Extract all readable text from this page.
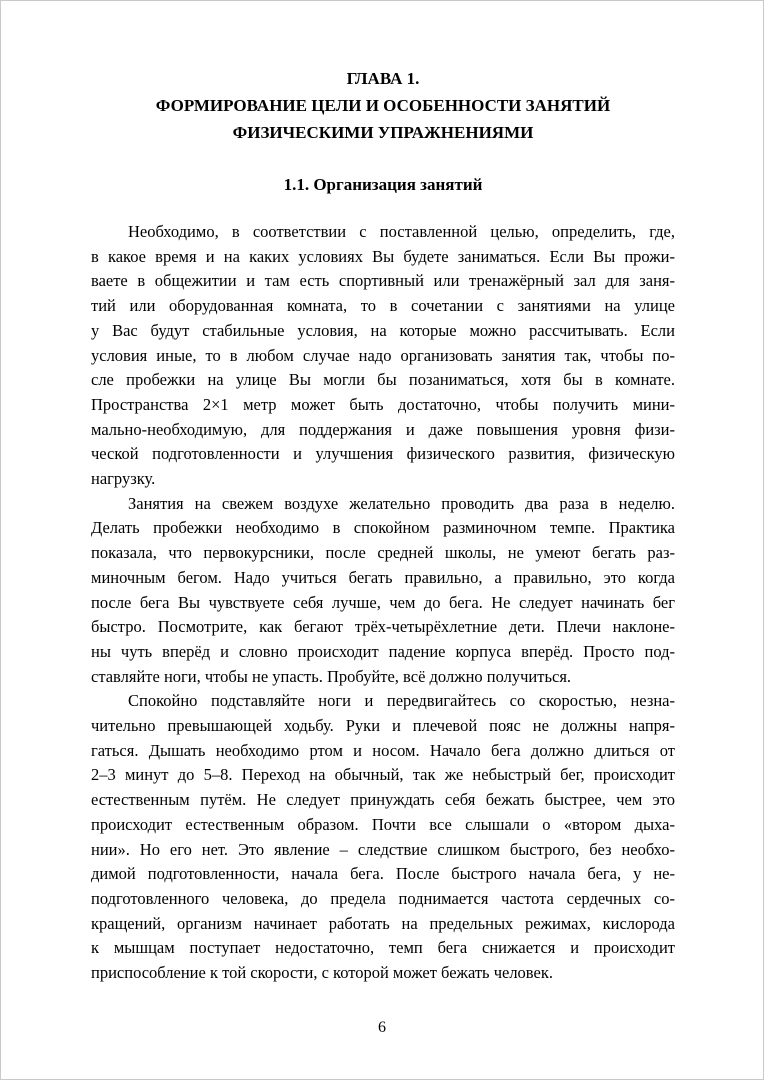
ГЛАВА 1.
ФОРМИРОВАНИЕ ЦЕЛИ И ОСОБЕННОСТИ ЗАНЯТИЙ
ФИЗИЧЕСКИМИ УПРАЖНЕНИЯМИ
1.1. Организация занятий

Необходимо, в соответствии с поставленной целью, определить, где,
в какое время и на каких условиях Вы будете заниматься. Если Вы прожи-
ваете в общежитии и там есть спортивный или тренажёрный зал для заня-
тий или оборудованная комната, то в сочетании с занятиями на улице
у Вас будут стабильные условия, на которые можно рассчитывать. Если
условия иные, то в любом случае надо организовать занятия так, чтобы по-
сле пробежки на улице Вы могли бы позаниматься, хотя бы в комнате.
Пространства 2×1 метр может быть достаточно, чтобы получить мини-
мально-необходимую, для поддержания и даже повышения уровня физи-
ческой подготовленности и улучшения физического развития, физическую
нагрузку.

Занятия на свежем воздухе желательно проводить два раза в неделю.
Делать пробежки необходимо в спокойном разминочном темпе. Практика
показала, что первокурсники, после средней школы, не умеют бегать раз-
миночным бегом. Надо учиться бегать правильно, а правильно, это когда
после бега Вы чувствуете себя лучше, чем до бега. Не следует начинать бег
быстро. Посмотрите, как бегают трёх-четырёхлетние дети. Плечи наклоне-
ны чуть вперёд и словно происходит падение корпуса вперёд. Просто под-
ставляйте ноги, чтобы не упасть. Пробуйте, всё должно получиться.

Спокойно подставляйте ноги и передвигайтесь со скоростью, незна-
чительно превышающей ходьбу. Руки и плечевой пояс не должны напря-
гаться. Дышать необходимо ртом и носом. Начало бега должно длиться от
2–3 минут до 5–8. Переход на обычный, так же небыстрый бег, происходит
естественным путём. Не следует принуждать себя бежать быстрее, чем это
происходит естественным образом. Почти все слышали о «втором дыха-
нии». Но его нет. Это явление – следствие слишком быстрого, без необхо-
димой подготовленности, начала бега. После быстрого начала бега, у не-
подготовленного человека, до предела поднимается частота сердечных со-
кращений, организм начинает работать на предельных режимах, кислорода
к мышцам поступает недостаточно, темп бега снижается и происходит
приспособление к той скорости, с которой может бежать человек.

6
